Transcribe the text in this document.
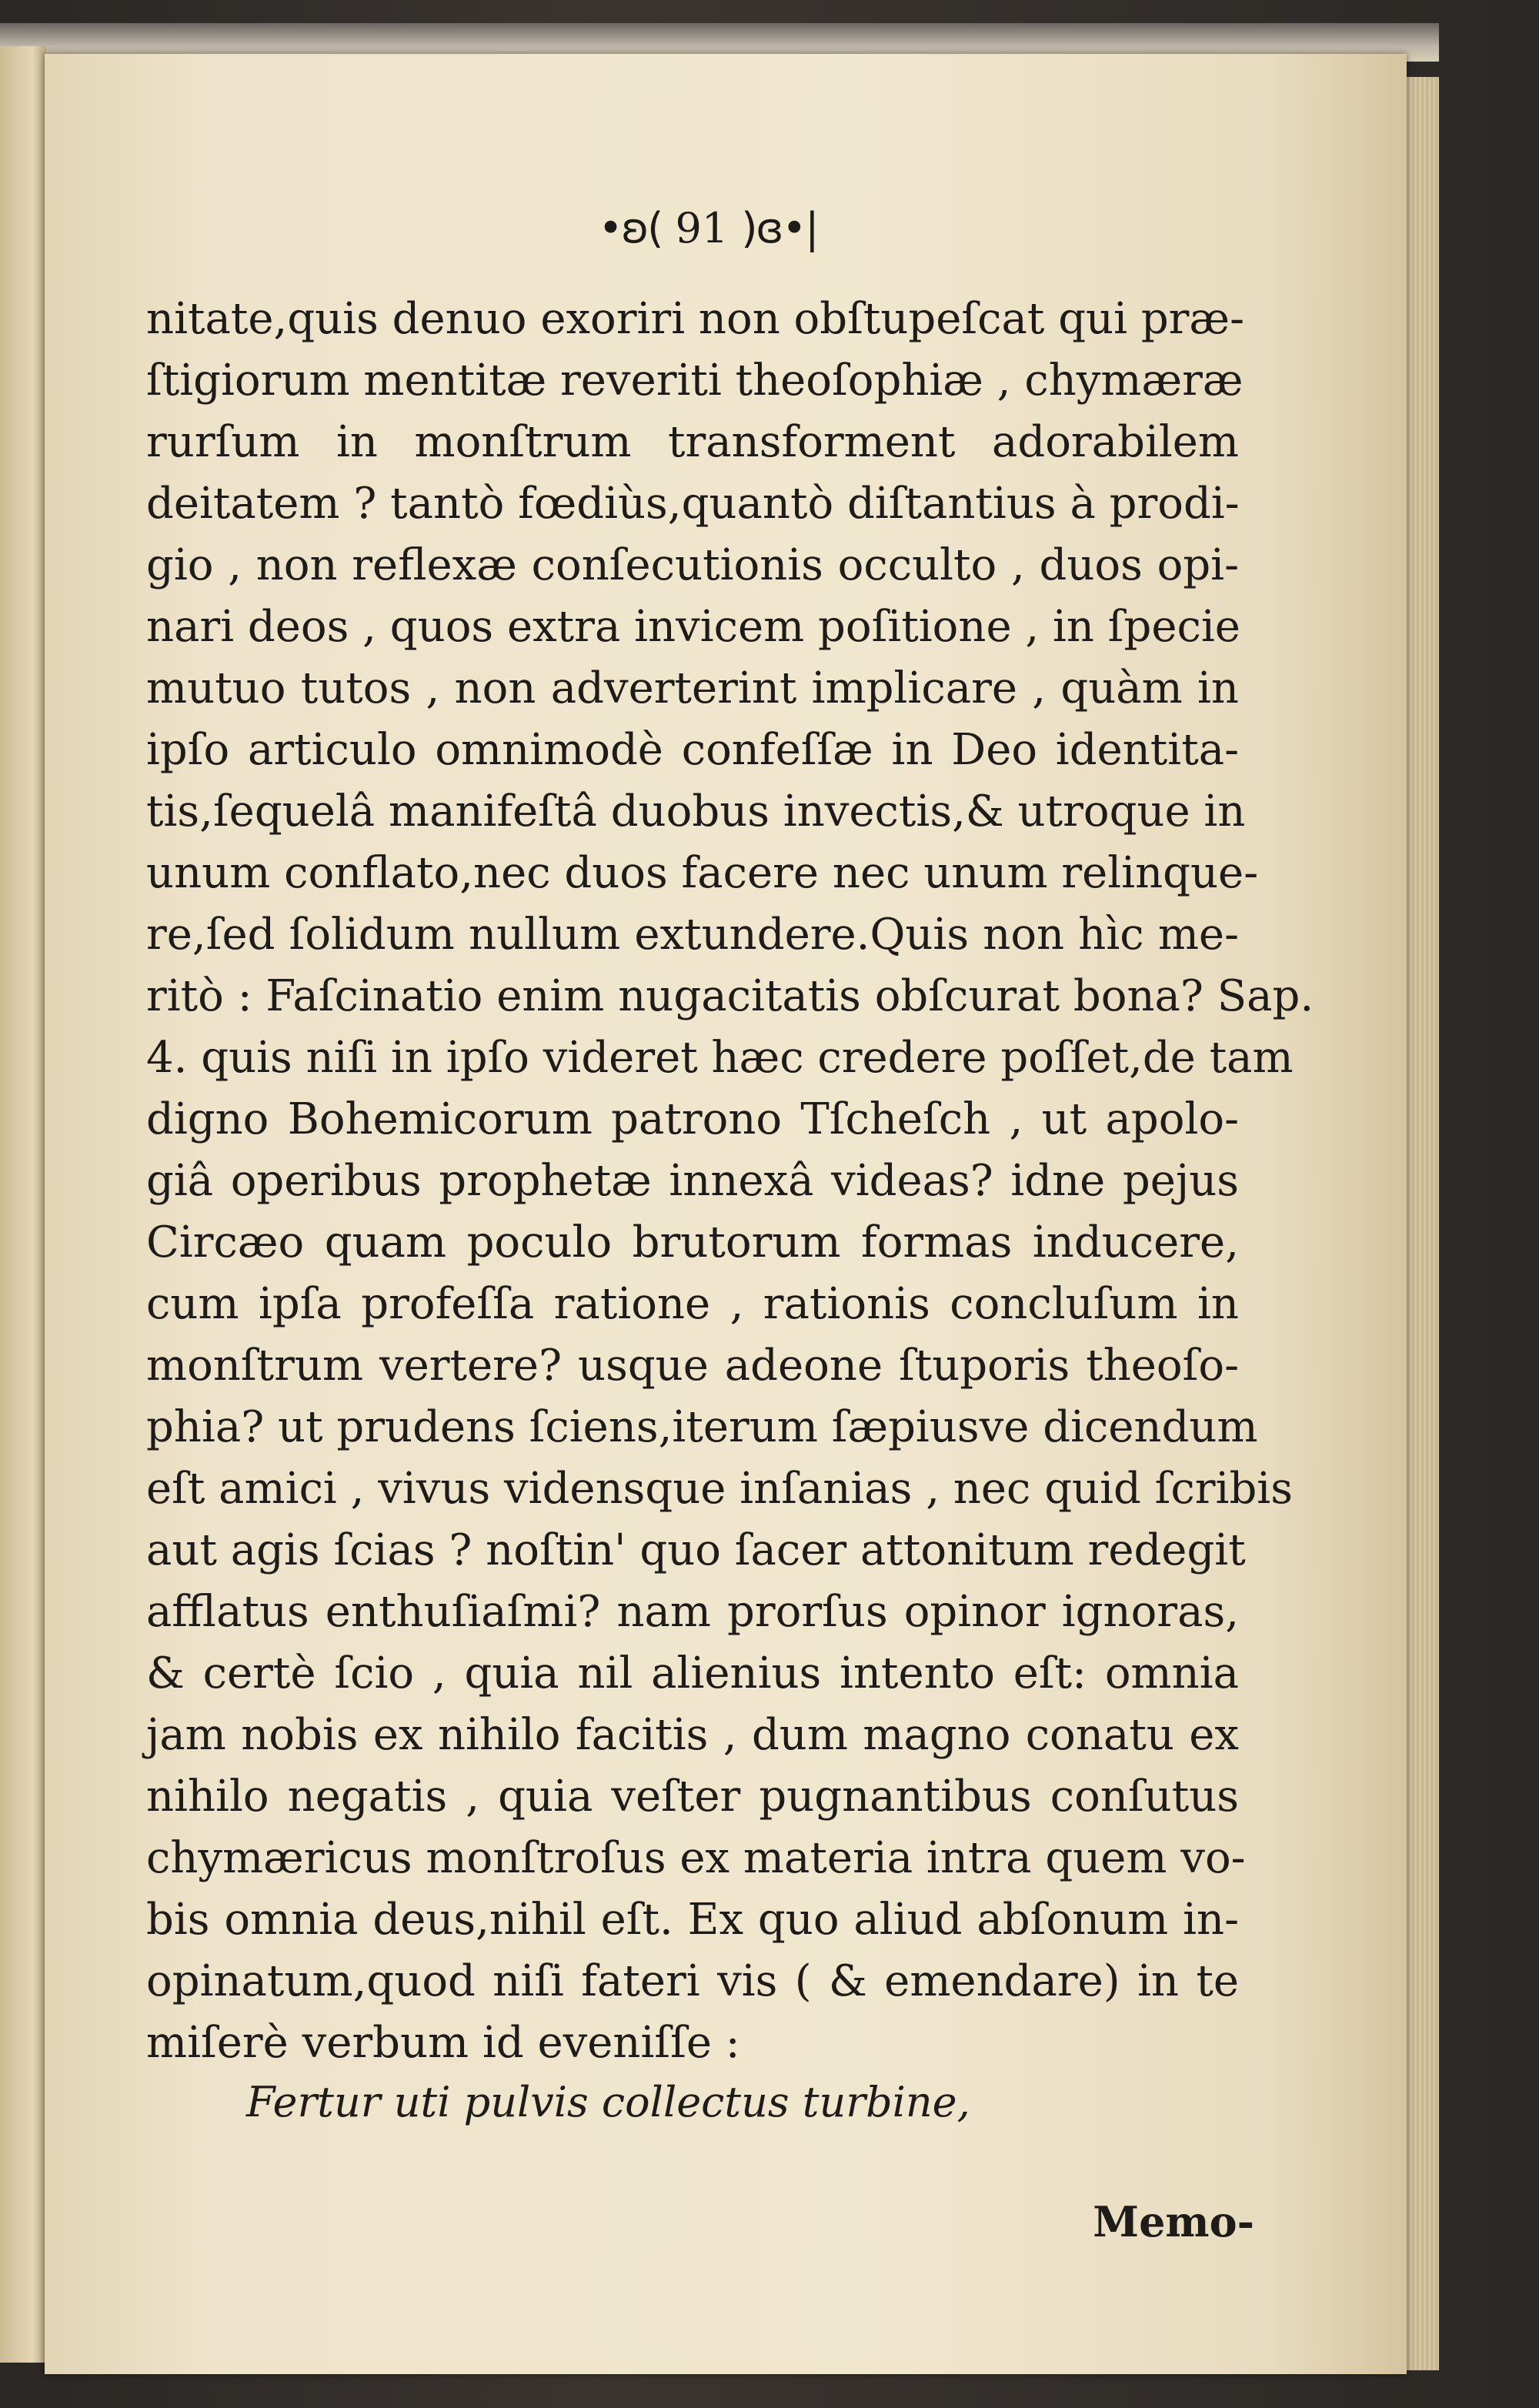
•ʚ( 91 )ɞ•|
nitate,quis denuo exoriri non obſtupeſcat qui præ-
ſtigiorum mentitæ reveriti theoſophiæ , chymæræ
rurſum in monſtrum transforment adorabilem
deitatem ? tantò fœdiùs,quantò diſtantius à prodi-
gio , non reflexæ conſecutionis occulto , duos opi-
nari deos , quos extra invicem poſitione , in ſpecie
mutuo tutos , non adverterint implicare , quàm in
ipſo articulo omnimodè confeſſæ in Deo identita-
tis,ſequelâ manifeſtâ duobus invectis,& utroque in
unum conflato,nec duos facere nec unum relinque-
re,ſed ſolidum nullum extundere.Quis non hìc me-
ritò : Faſcinatio enim nugacitatis obſcurat bona? Sap.
4. quis niſi in ipſo videret hæc credere poſſet,de tam
digno Bohemicorum patrono Tſcheſch , ut apolo-
giâ operibus prophetæ innexâ videas? idne pejus
Circæo quam poculo brutorum formas inducere,
cum ipſa profeſſa ratione , rationis concluſum in
monſtrum vertere? usque adeone ſtuporis theoſo-
phia? ut prudens ſciens,iterum ſæpiusve dicendum
eſt amici , vivus vidensque inſanias , nec quid ſcribis
aut agis ſcias ? noſtin' quo ſacer attonitum redegit
afflatus enthuſiaſmi? nam prorſus opinor ignoras,
& certè ſcio , quia nil alienius intento eſt: omnia
jam nobis ex nihilo facitis , dum magno conatu ex
nihilo negatis , quia veſter pugnantibus conſutus
chymæricus monſtroſus ex materia intra quem vo-
bis omnia deus,nihil eſt. Ex quo aliud abſonum in-
opinatum,quod niſi fateri vis ( & emendare) in te
miſerè verbum id eveniſſe :
Fertur uti pulvis collectus turbine,
Memo-
